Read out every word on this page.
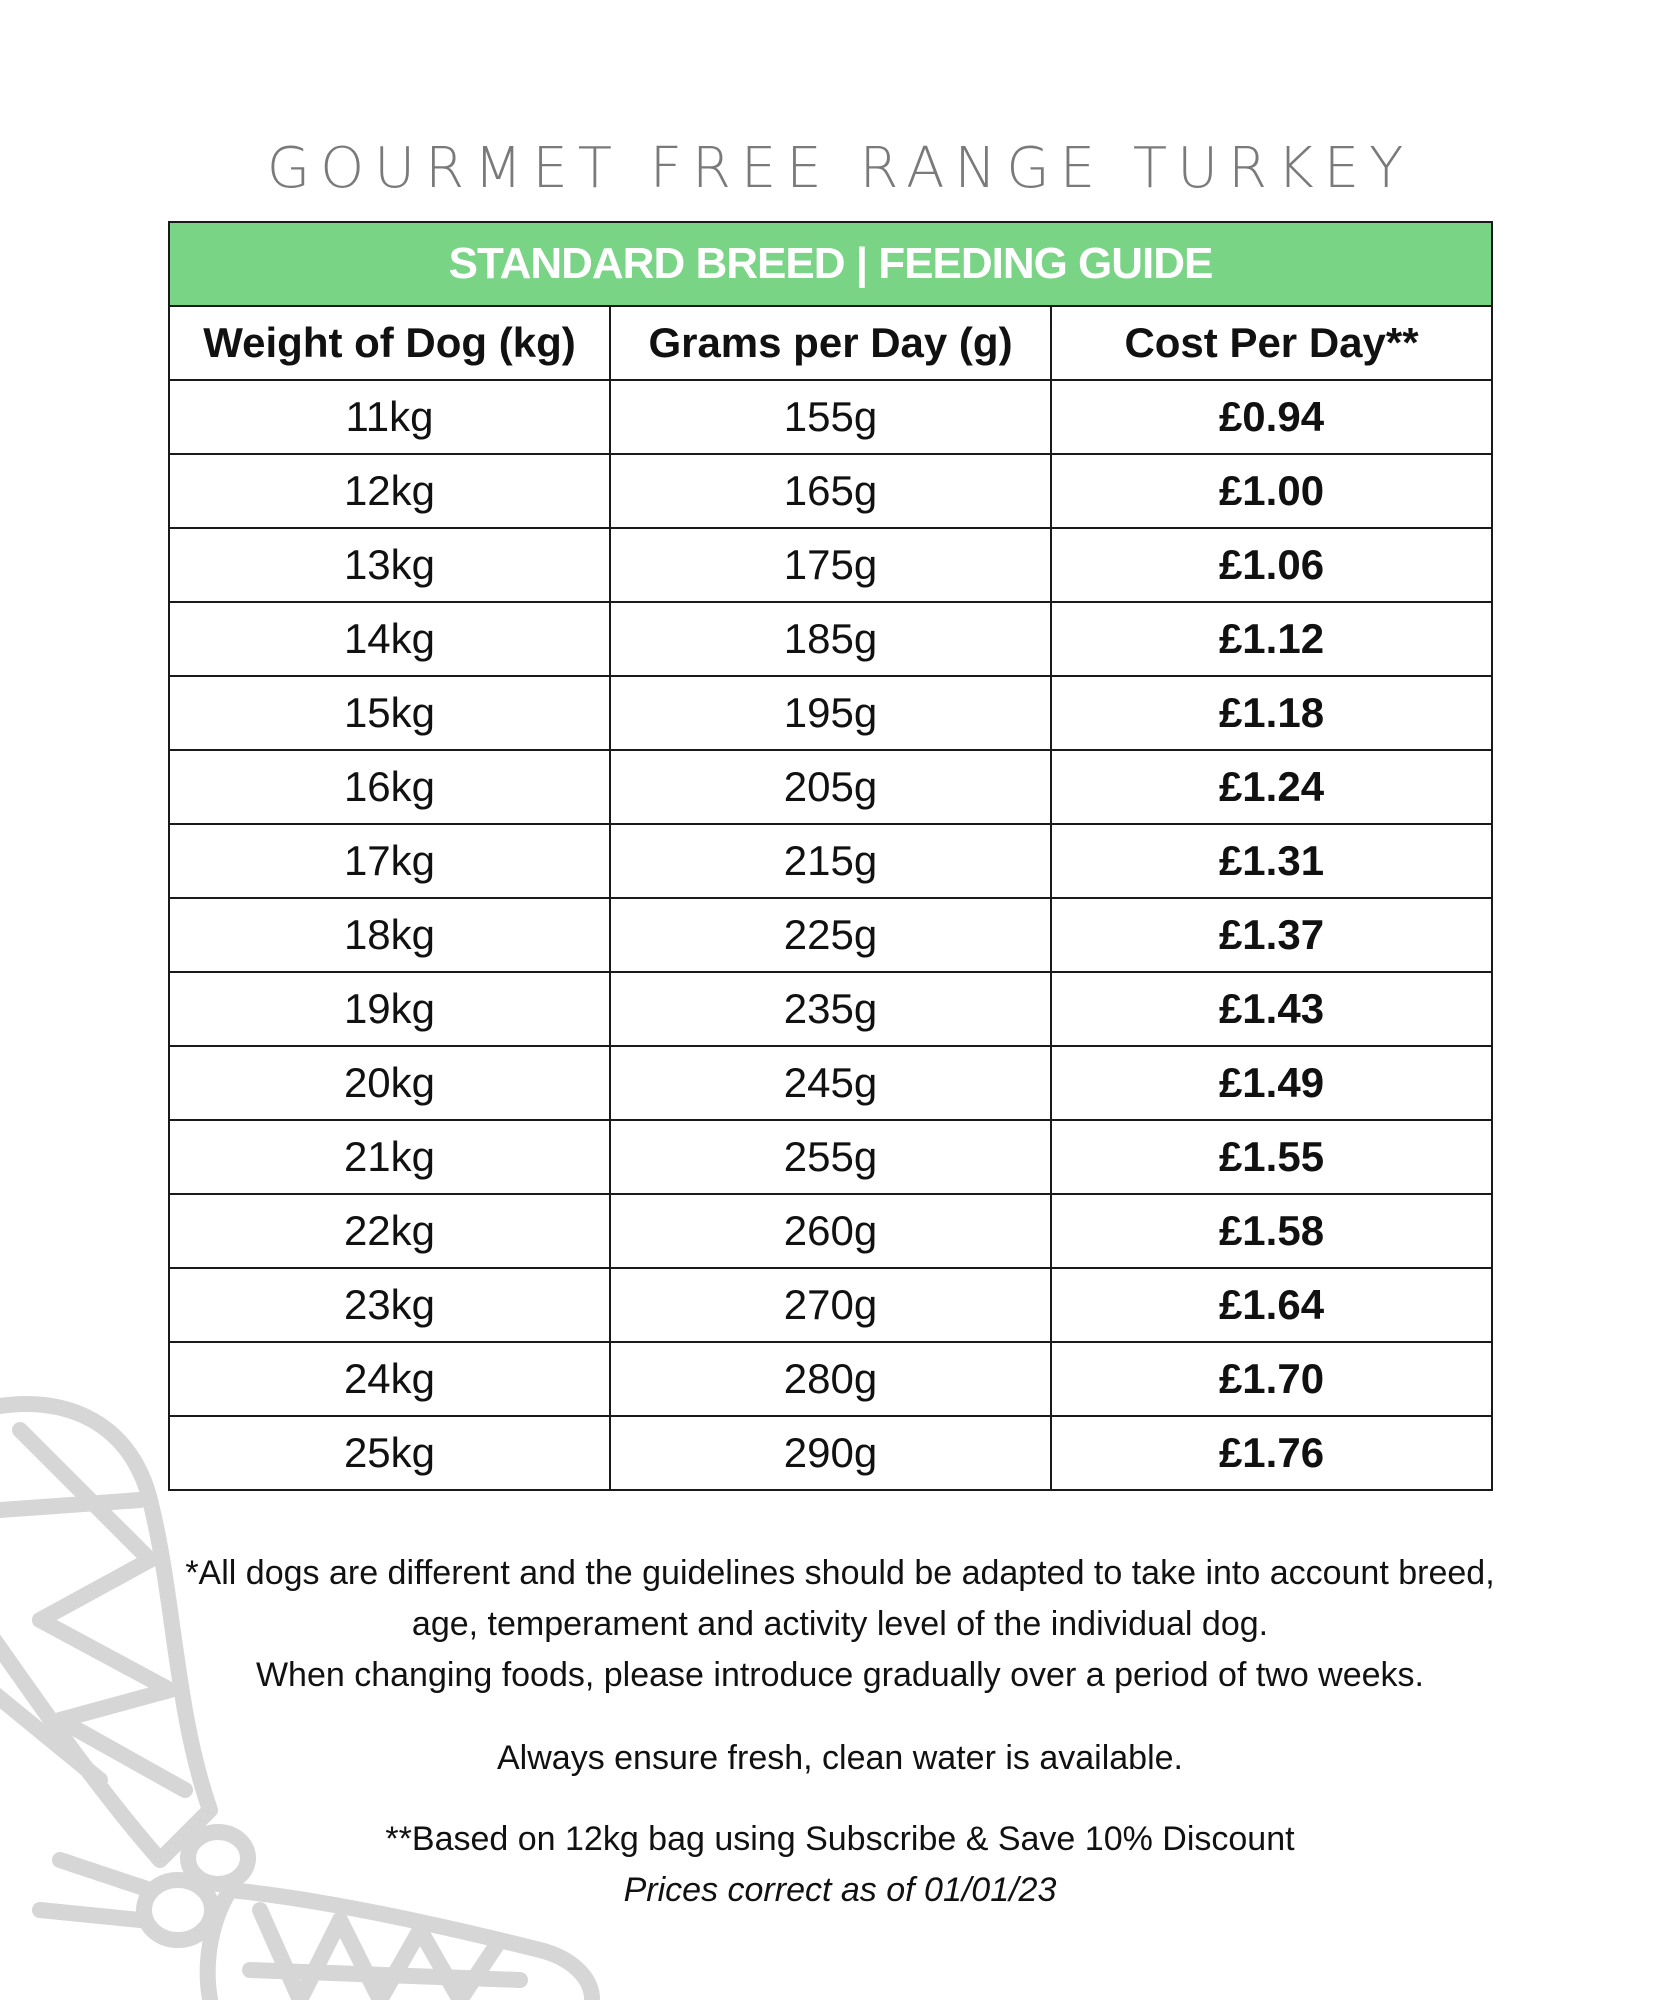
GOURMET FREE RANGE TURKEY
STANDARD BREED | FEEDING GUIDE		
Weight of Dog (kg)	Grams per Day (g)	Cost Per Day**
11kg	155g	£0.94
12kg	165g	£1.00
13kg	175g	£1.06
14kg	185g	£1.12
15kg	195g	£1.18
16kg	205g	£1.24
17kg	215g	£1.31
18kg	225g	£1.37
19kg	235g	£1.43
20kg	245g	£1.49
21kg	255g	£1.55
22kg	260g	£1.58
23kg	270g	£1.64
24kg	280g	£1.70
25kg	290g	£1.76

*All dogs are different and the guidelines should be adapted to take into account breed,

age, temperament and activity level of the individual dog.

When changing foods, please introduce gradually over a period of two weeks.

Always ensure fresh, clean water is available.

**Based on 12kg bag using Subscribe & Save 10% Discount

Prices correct as of 01/01/23
